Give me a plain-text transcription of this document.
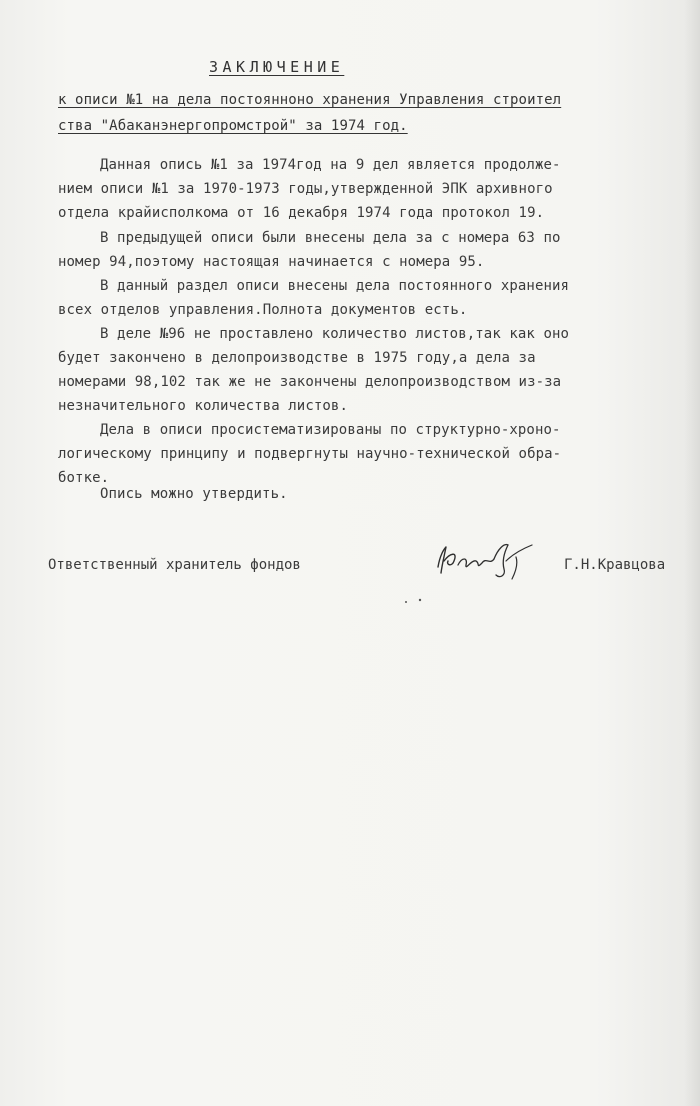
ЗАКЛЮЧЕНИЕ
к описи №1 на дела постояннонo хранения Управления строител
ства "Абаканэнергопромстрой" за 1974 год.
Данная опись №1 за 1974год на 9 дел является продолже-
нием описи №1 за 1970-1973 годы,утвержденной ЭПК архивного
отдела крайисполкома от 16 декабря 1974 года протокол 19.
В предыдущей описи были внесены дела за с номера 63 по
номер 94,поэтому настоящая начинается с номера 95.
В данный раздел описи внесены дела постоянного хранения
всех отделов управления.Полнота документов есть.
В деле №96 не проставлено количество листов,так как оно
будет закончено в делопроизводстве в 1975 году,а дела за
номерами 98,102 так же не закончены делопроизводством из-за
незначительного количества листов.
Дела в описи просистематизированы по структурно-хроно-
логическому принципу и подвергнуты научно-технической обра-
ботке.
Опись можно утвердить.
Ответственный хранитель фондов	Г.Н.Кравцова
